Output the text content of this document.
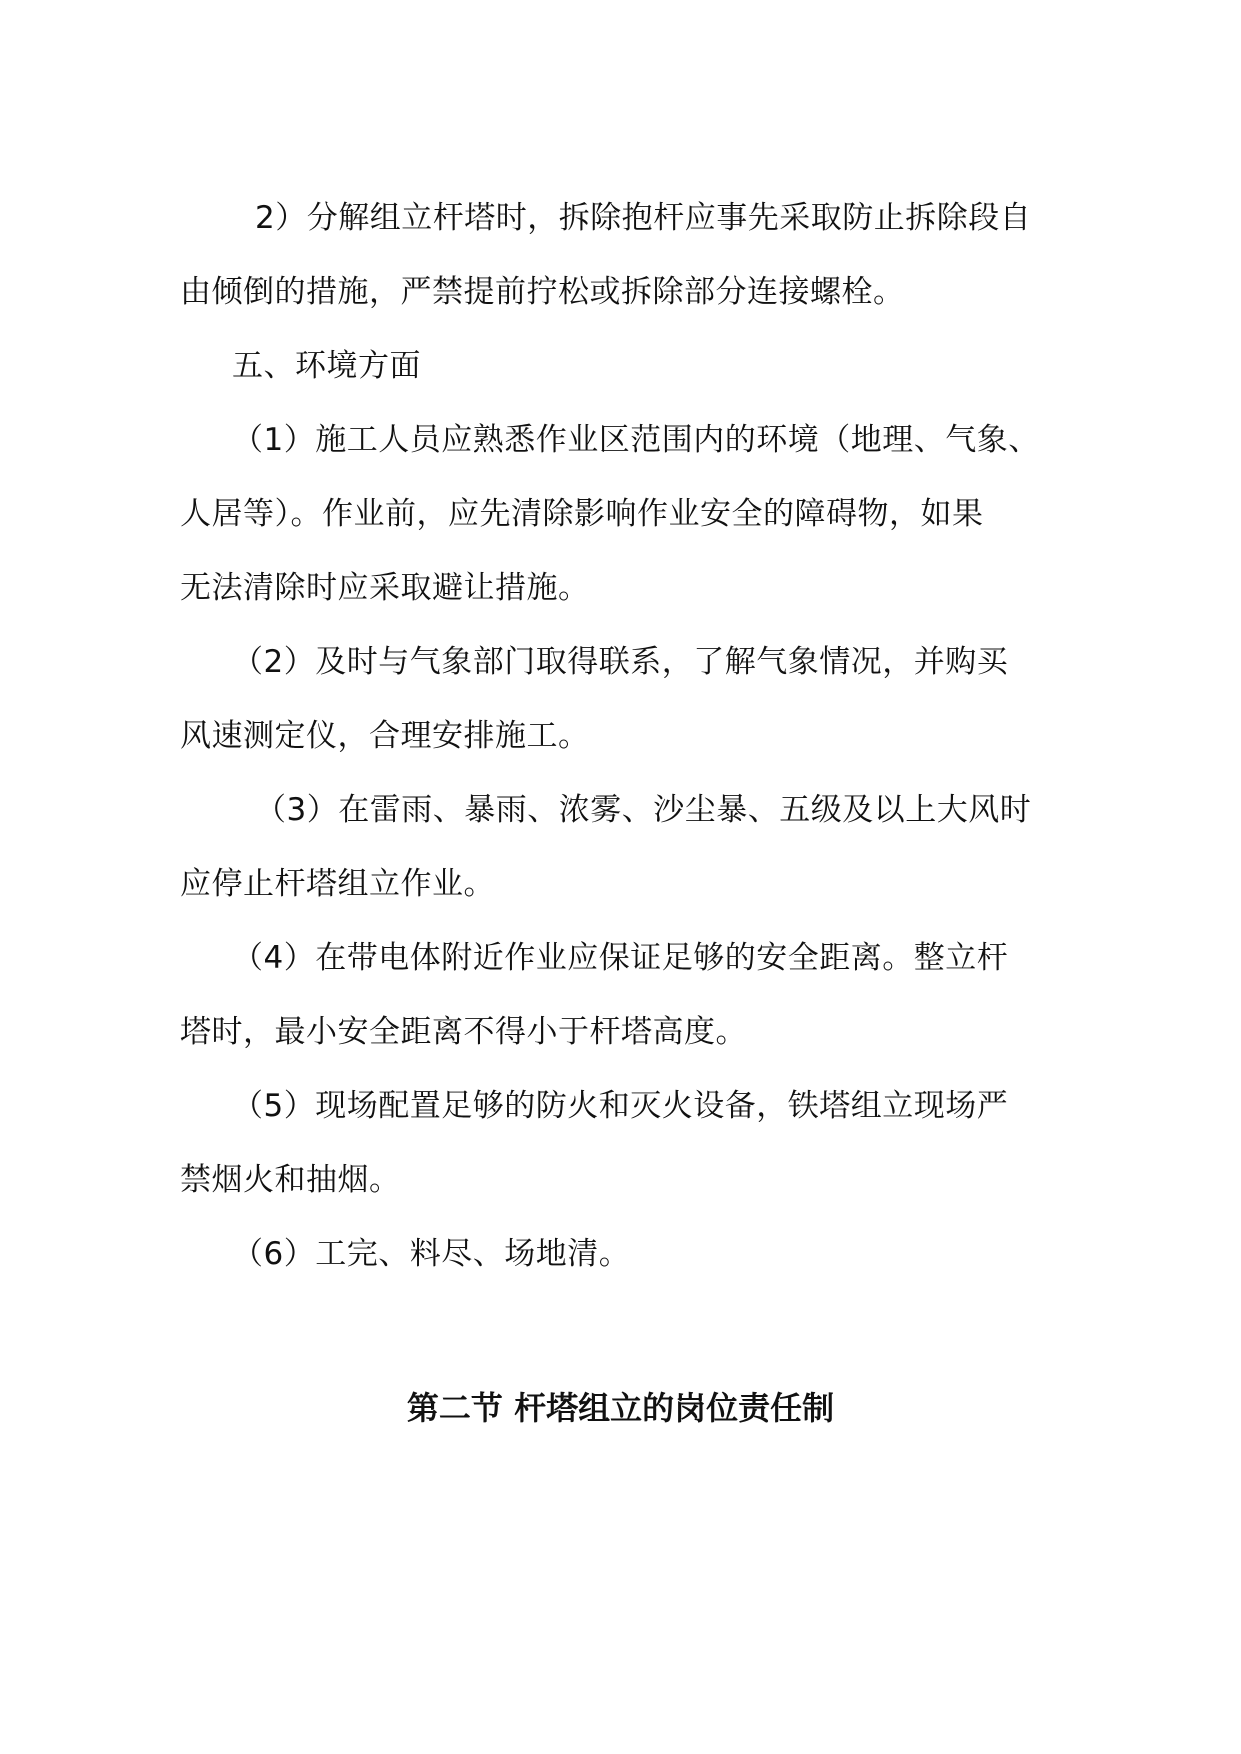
2）分解组立杆塔时，拆除抱杆应事先采取防止拆除段自
由倾倒的措施，严禁提前拧松或拆除部分连接螺栓。
五、环境方面
（1）施工人员应熟悉作业区范围内的环境（地理、气象、
人居等）。作业前，应先清除影响作业安全的障碍物，如果
无法清除时应采取避让措施。
（2）及时与气象部门取得联系，了解气象情况，并购买
风速测定仪，合理安排施工。
（3）在雷雨、暴雨、浓雾、沙尘暴、五级及以上大风时
应停止杆塔组立作业。
（4）在带电体附近作业应保证足够的安全距离。整立杆
塔时，最小安全距离不得小于杆塔高度。
（5）现场配置足够的防火和灭火设备，铁塔组立现场严
禁烟火和抽烟。
（6）工完、料尽、场地清。
第二节 杆塔组立的岗位责任制
